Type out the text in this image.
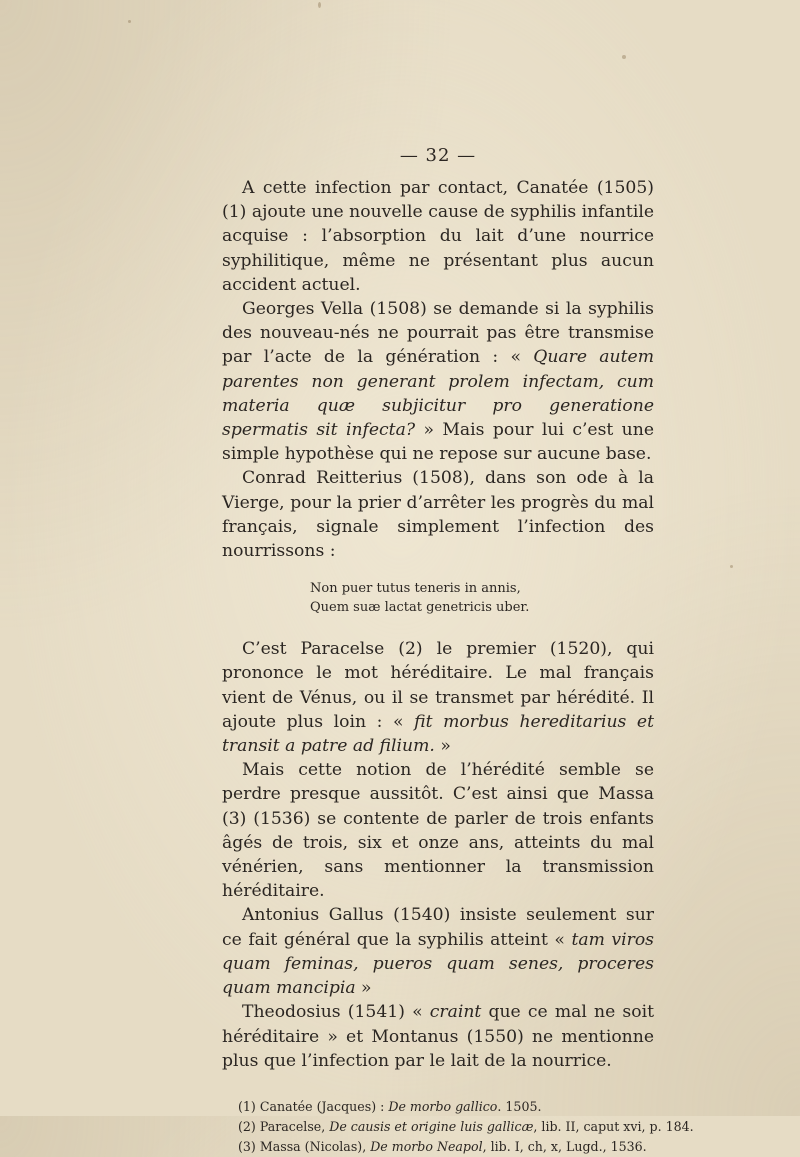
— 32 —

A cette infection par contact, Canatée (1505) (1) ajoute une nouvelle cause de syphilis infantile acquise : l’absorption du lait d’une nourrice syphilitique, même ne présentant plus aucun accident actuel.

Georges Vella (1508) se demande si la syphilis des nouveau-nés ne pourrait pas être transmise par l’acte de la génération : « Quare autem parentes non generant prolem infectam, cum materia quæ subjicitur pro generatione spermatis sit infecta? » Mais pour lui c’est une simple hypothèse qui ne repose sur aucune base.

Conrad Reitterius (1508), dans son ode à la Vierge, pour la prier d’arrêter les progrès du mal français, signale simplement l’infection des nourrissons :

Non puer tutus teneris in annis,
Quem suæ lactat genetricis uber.

C’est Paracelse (2) le premier (1520), qui prononce le mot héréditaire. Le mal français vient de Vénus, ou il se transmet par hérédité. Il ajoute plus loin : « fit morbus hereditarius et transit a patre ad filium. »

Mais cette notion de l’hérédité semble se perdre presque aussitôt. C’est ainsi que Massa (3) (1536) se contente de parler de trois enfants âgés de trois, six et onze ans, atteints du mal vénérien, sans mentionner la transmission héréditaire.

Antonius Gallus (1540) insiste seulement sur ce fait général que la syphilis atteint « tam viros quam feminas, pueros quam senes, proceres quam mancipia »

Theodosius (1541) « craint que ce mal ne soit héréditaire » et Montanus (1550) ne mentionne plus que l’infection par le lait de la nourrice.

(1) Canatée (Jacques) : De morbo gallico. 1505.
(2) Paracelse, De causis et origine luis gallicæ, lib. II, caput xvi, p. 184.
(3) Massa (Nicolas), De morbo Neapol, lib. I, ch, x, Lugd., 1536.
